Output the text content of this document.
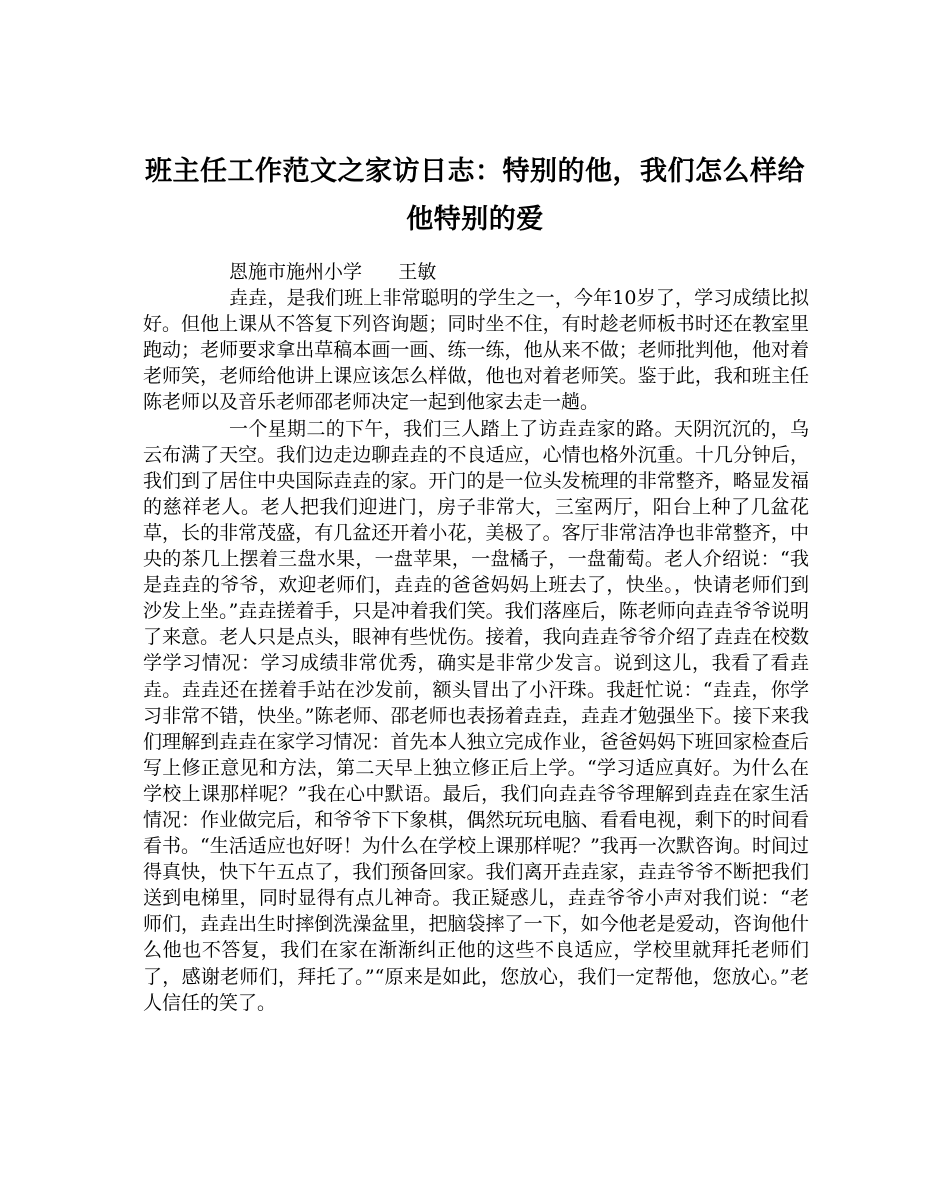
班主任工作范文之家访日志：特别的他，我们怎么样给
他特别的爱

恩施市施州小学      王敏

垚垚，是我们班上非常聪明的学生之一，今年10岁了，学习成绩比拟好。但他上课从不答复下列咨询题；同时坐不住，有时趁老师板书时还在教室里跑动；老师要求拿出草稿本画一画、练一练，他从来不做；老师批判他，他对着老师笑，老师给他讲上课应该怎么样做，他也对着老师笑。鉴于此，我和班主任陈老师以及音乐老师邵老师决定一起到他家去走一趟。

一个星期二的下午，我们三人踏上了访垚垚家的路。天阴沉沉的，乌云布满了天空。我们边走边聊垚垚的不良适应，心情也格外沉重。十几分钟后，我们到了居住中央国际垚垚的家。开门的是一位头发梳理的非常整齐，略显发福的慈祥老人。老人把我们迎进门，房子非常大，三室两厅，阳台上种了几盆花草，长的非常茂盛，有几盆还开着小花，美极了。客厅非常洁净也非常整齐，中央的茶几上摆着三盘水果，一盘苹果，一盘橘子，一盘葡萄。老人介绍说：“我是垚垚的爷爷，欢迎老师们，垚垚的爸爸妈妈上班去了，快坐。，快请老师们到沙发上坐。”垚垚搓着手，只是冲着我们笑。我们落座后，陈老师向垚垚爷爷说明了来意。老人只是点头，眼神有些忧伤。接着，我向垚垚爷爷介绍了垚垚在校数学学习情况：学习成绩非常优秀，确实是非常少发言。说到这儿，我看了看垚垚。垚垚还在搓着手站在沙发前，额头冒出了小汗珠。我赶忙说：“垚垚，你学习非常不错，快坐。”陈老师、邵老师也表扬着垚垚，垚垚才勉强坐下。接下来我们理解到垚垚在家学习情况：首先本人独立完成作业，爸爸妈妈下班回家检查后写上修正意见和方法，第二天早上独立修正后上学。“学习适应真好。为什么在学校上课那样呢？”我在心中默语。最后，我们向垚垚爷爷理解到垚垚在家生活情况：作业做完后，和爷爷下下象棋，偶然玩玩电脑、看看电视，剩下的时间看看书。“生活适应也好呀！为什么在学校上课那样呢？”我再一次默咨询。时间过得真快，快下午五点了，我们预备回家。我们离开垚垚家，垚垚爷爷不断把我们送到电梯里，同时显得有点儿神奇。我正疑惑儿，垚垚爷爷小声对我们说：“老师们，垚垚出生时摔倒洗澡盆里，把脑袋摔了一下，如今他老是爱动，咨询他什么他也不答复，我们在家在渐渐纠正他的这些不良适应，学校里就拜托老师们了，感谢老师们，拜托了。”“原来是如此，您放心，我们一定帮他，您放心。”老人信任的笑了。
